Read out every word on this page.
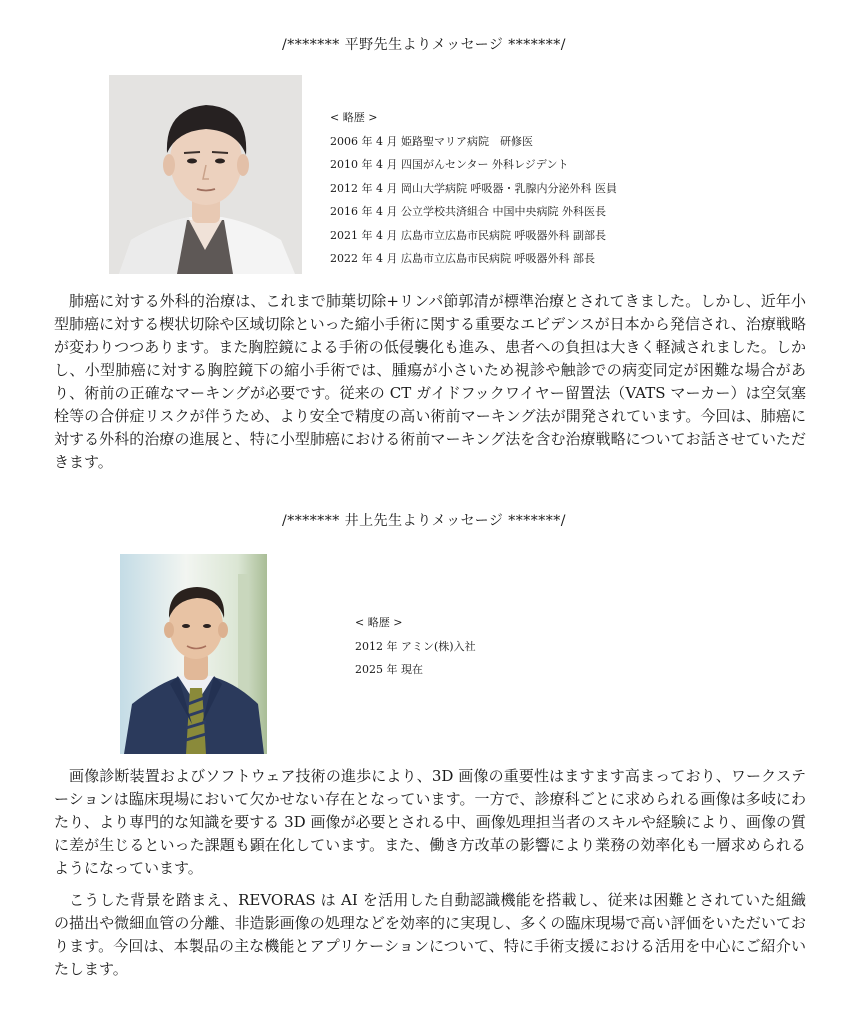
/******* 平野先生よりメッセージ *******/
< 略歴 >
2006 年 4 月 姫路聖マリア病院　研修医
2010 年 4 月 四国がんセンター 外科レジデント
2012 年 4 月 岡山大学病院 呼吸器・乳腺内分泌外科 医員
2016 年 4 月 公立学校共済組合 中国中央病院 外科医長
2021 年 4 月 広島市立広島市民病院 呼吸器外科 副部長
2022 年 4 月 広島市立広島市民病院 呼吸器外科 部長

肺癌に対する外科的治療は、これまで肺葉切除+リンパ節郭清が標準治療とされてきました。しかし、近年小型肺癌に対する楔状切除や区域切除といった縮小手術に関する重要なエビデンスが日本から発信され、治療戦略が変わりつつあります。また胸腔鏡による手術の低侵襲化も進み、患者への負担は大きく軽減されました。しかし、小型肺癌に対する胸腔鏡下の縮小手術では、腫瘍が小さいため視診や触診での病変同定が困難な場合があり、術前の正確なマーキングが必要です。従来の CT ガイドフックワイヤー留置法（VATS マーカー）は空気塞栓等の合併症リスクが伴うため、より安全で精度の高い術前マーキング法が開発されています。今回は、肺癌に対する外科的治療の進展と、特に小型肺癌における術前マーキング法を含む治療戦略についてお話させていただきます。

/******* 井上先生よりメッセージ *******/
< 略歴 >
2012 年 アミン(株)入社
2025 年 現在

画像診断装置およびソフトウェア技術の進歩により、3D 画像の重要性はますます高まっており、ワークステーションは臨床現場において欠かせない存在となっています。一方で、診療科ごとに求められる画像は多岐にわたり、より専門的な知識を要する 3D 画像が必要とされる中、画像処理担当者のスキルや経験により、画像の質に差が生じるといった課題も顕在化しています。また、働き方改革の影響により業務の効率化も一層求められるようになっています。

こうした背景を踏まえ、REVORAS は AI を活用した自動認識機能を搭載し、従来は困難とされていた組織の描出や微細血管の分離、非造影画像の処理などを効率的に実現し、多くの臨床現場で高い評価をいただいております。今回は、本製品の主な機能とアプリケーションについて、特に手術支援における活用を中心にご紹介いたします。
